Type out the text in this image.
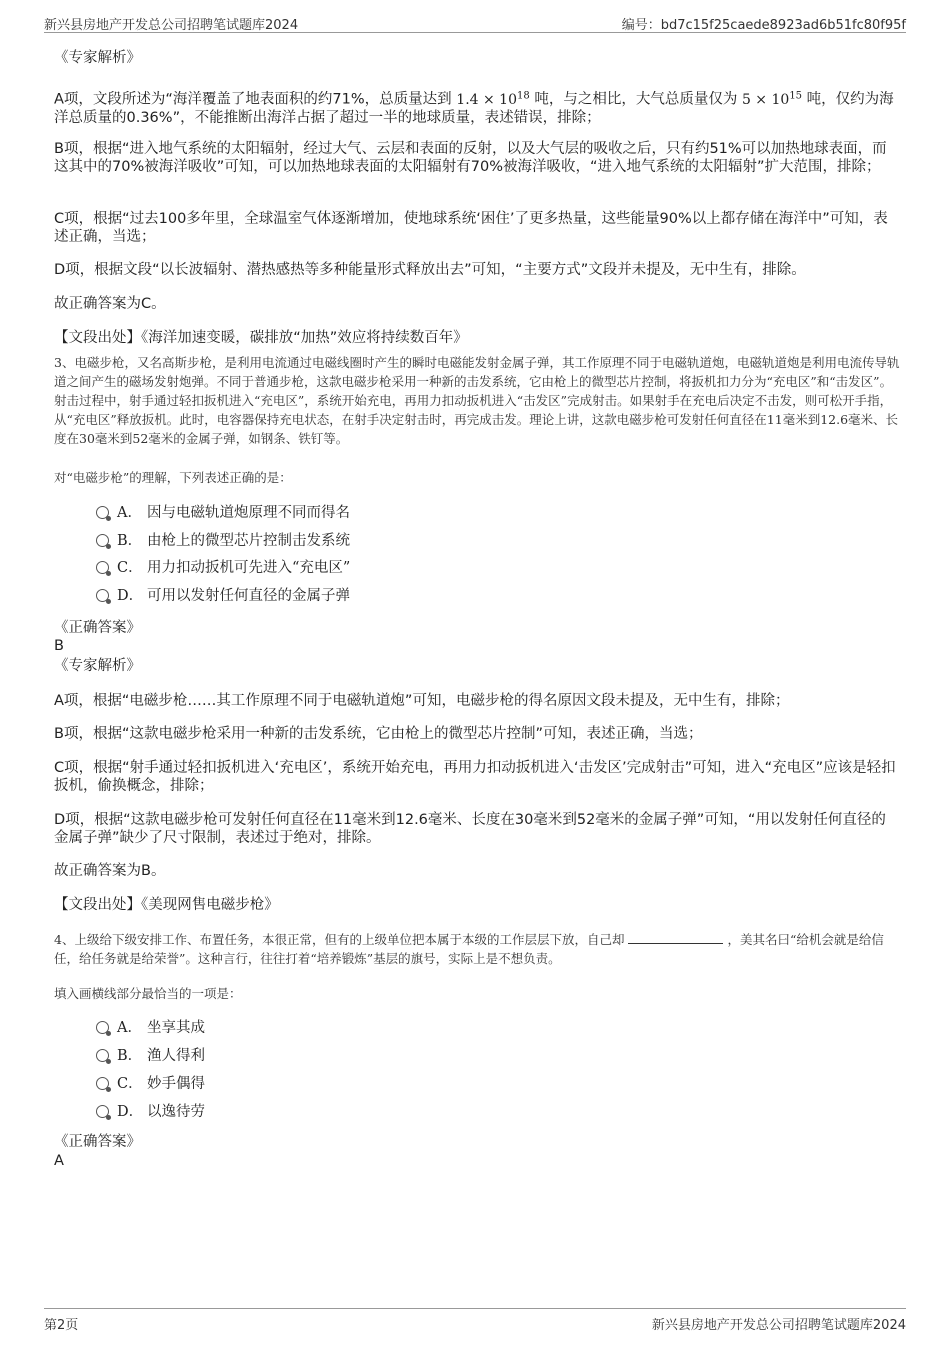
新兴县房地产开发总公司招聘笔试题库2024	编号：bd7c15f25caede8923ad6b51fc80f95f

《专家解析》

A项，文段所述为“海洋覆盖了地表面积的约71%，总质量达到 $1.4 \times 10^{18}$ 吨，与之相比，大气总质量仅为 $5 \times 10^{15}$ 吨，仅约为海洋总质量的0.36%”，不能推断出海洋占据了超过一半的地球质量，表述错误，排除；

B项，根据“进入地气系统的太阳辐射，经过大气、云层和表面的反射，以及大气层的吸收之后，只有约51%可以加热地球表面，而这其中的70%被海洋吸收”可知，可以加热地球表面的太阳辐射有70%被海洋吸收，“进入地气系统的太阳辐射”扩大范围，排除；

C项，根据“过去100多年里，全球温室气体逐渐增加，使地球系统‘困住’了更多热量，这些能量90%以上都存储在海洋中”可知，表述正确，当选；

D项，根据文段“以长波辐射、潜热感热等多种能量形式释放出去”可知，“主要方式”文段并未提及，无中生有，排除。

故正确答案为C。

【文段出处】《海洋加速变暖，碳排放“加热”效应将持续数百年》

3、电磁步枪，又名高斯步枪，是利用电流通过电磁线圈时产生的瞬时电磁能发射金属子弹，其工作原理不同于电磁轨道炮，电磁轨道炮是利用电流传导轨道之间产生的磁场发射炮弹。不同于普通步枪，这款电磁步枪采用一种新的击发系统，它由枪上的微型芯片控制，将扳机扣力分为“充电区”和“击发区”。射击过程中，射手通过轻扣扳机进入“充电区”，系统开始充电，再用力扣动扳机进入“击发区”完成射击。如果射手在充电后决定不击发，则可松开手指，从“充电区”释放扳机。此时，电容器保持充电状态，在射手决定射击时，再完成击发。理论上讲，这款电磁步枪可发射任何直径在11毫米到12.6毫米、长度在30毫米到52毫米的金属子弹，如钢条、铁钉等。

对“电磁步枪”的理解，下列表述正确的是：

A． 因与电磁轨道炮原理不同而得名
B． 由枪上的微型芯片控制击发系统
C． 用力扣动扳机可先进入“充电区”
D． 可用以发射任何直径的金属子弹

《正确答案》

B

《专家解析》

A项，根据“电磁步枪……其工作原理不同于电磁轨道炮”可知，电磁步枪的得名原因文段未提及，无中生有，排除；

B项，根据“这款电磁步枪采用一种新的击发系统，它由枪上的微型芯片控制”可知，表述正确，当选；

C项，根据“射手通过轻扣扳机进入‘充电区’，系统开始充电，再用力扣动扳机进入‘击发区’完成射击”可知，进入“充电区”应该是轻扣扳机，偷换概念，排除；

D项，根据“这款电磁步枪可发射任何直径在11毫米到12.6毫米、长度在30毫米到52毫米的金属子弹”可知，“用以发射任何直径的金属子弹”缺少了尺寸限制，表述过于绝对，排除。

故正确答案为B。

【文段出处】《美现网售电磁步枪》

4、上级给下级安排工作、布置任务，本很正常，但有的上级单位把本属于本级的工作层层下放，自己却	，美其名曰“给机会就是给信任，给任务就是给荣誉”。这种言行，往往打着“培养锻炼”基层的旗号，实际上是不想负责。

填入画横线部分最恰当的一项是：

A． 坐享其成
B． 渔人得利
C． 妙手偶得
D． 以逸待劳

《正确答案》

A

第2页	新兴县房地产开发总公司招聘笔试题库2024
